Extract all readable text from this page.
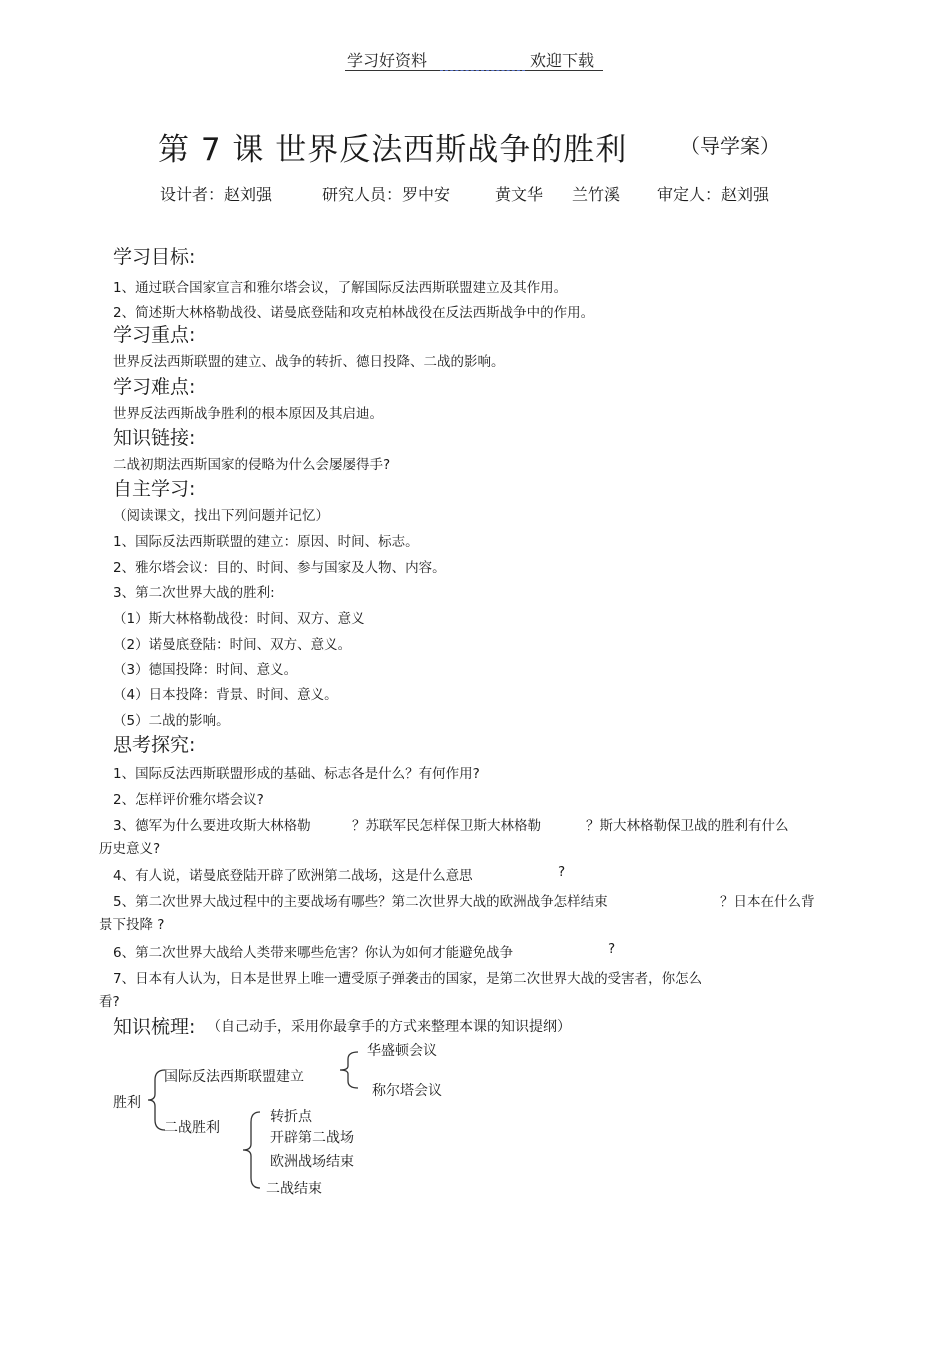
学习好资料	欢迎下载
第 7 课 世界反法西斯战争的胜利	（导学案）
设计者：赵刘强	研究人员：罗中安	黄文华 兰竹溪 审定人：赵刘强
学习目标:
1、通过联合国家宣言和雅尔塔会议，了解国际反法西斯联盟建立及其作用。
2、简述斯大林格勒战役、诺曼底登陆和攻克柏林战役在反法西斯战争中的作用。
学习重点:
世界反法西斯联盟的建立、战争的转折、德日投降、二战的影响。
学习难点:
世界反法西斯战争胜利的根本原因及其启迪。
知识链接:
二战初期法西斯国家的侵略为什么会屡屡得手?
自主学习:
（阅读课文，找出下列问题并记忆）
1、国际反法西斯联盟的建立：原因、时间、标志。
2、雅尔塔会议：目的、时间、参与国家及人物、内容。
3、第二次世界大战的胜利:
（1）斯大林格勒战役：时间、双方、意义
（2）诺曼底登陆：时间、双方、意义。
（3）德国投降：时间、意义。
（4）日本投降：背景、时间、意义。
（5）二战的影响。
思考探究:
1、国际反法西斯联盟形成的基础、标志各是什么？有何作用?
2、怎样评价雅尔塔会议?
3、德军为什么要进攻斯大林格勒	？苏联军民怎样保卫斯大林格勒	？斯大林格勒保卫战的胜利有什么
历史意义?
4、有人说，诺曼底登陆开辟了欧洲第二战场，这是什么意思	?
5、第二次世界大战过程中的主要战场有哪些？第二次世界大战的欧洲战争怎样结束	？日本在什么背
景下投降 ?
6、第二次世界大战给人类带来哪些危害？你认为如何才能避免战争	?
7、日本有人认为，日本是世界上唯一遭受原子弹袭击的国家，是第二次世界大战的受害者，你怎么
看?
知识梳理: （自己动手，采用你最拿手的方式来整理本课的知识提纲）
胜利
国际反法西斯联盟建立
二战胜利
华盛顿会议
称尔塔会议
转折点
开辟第二战场
欧洲战场结束
二战结束
